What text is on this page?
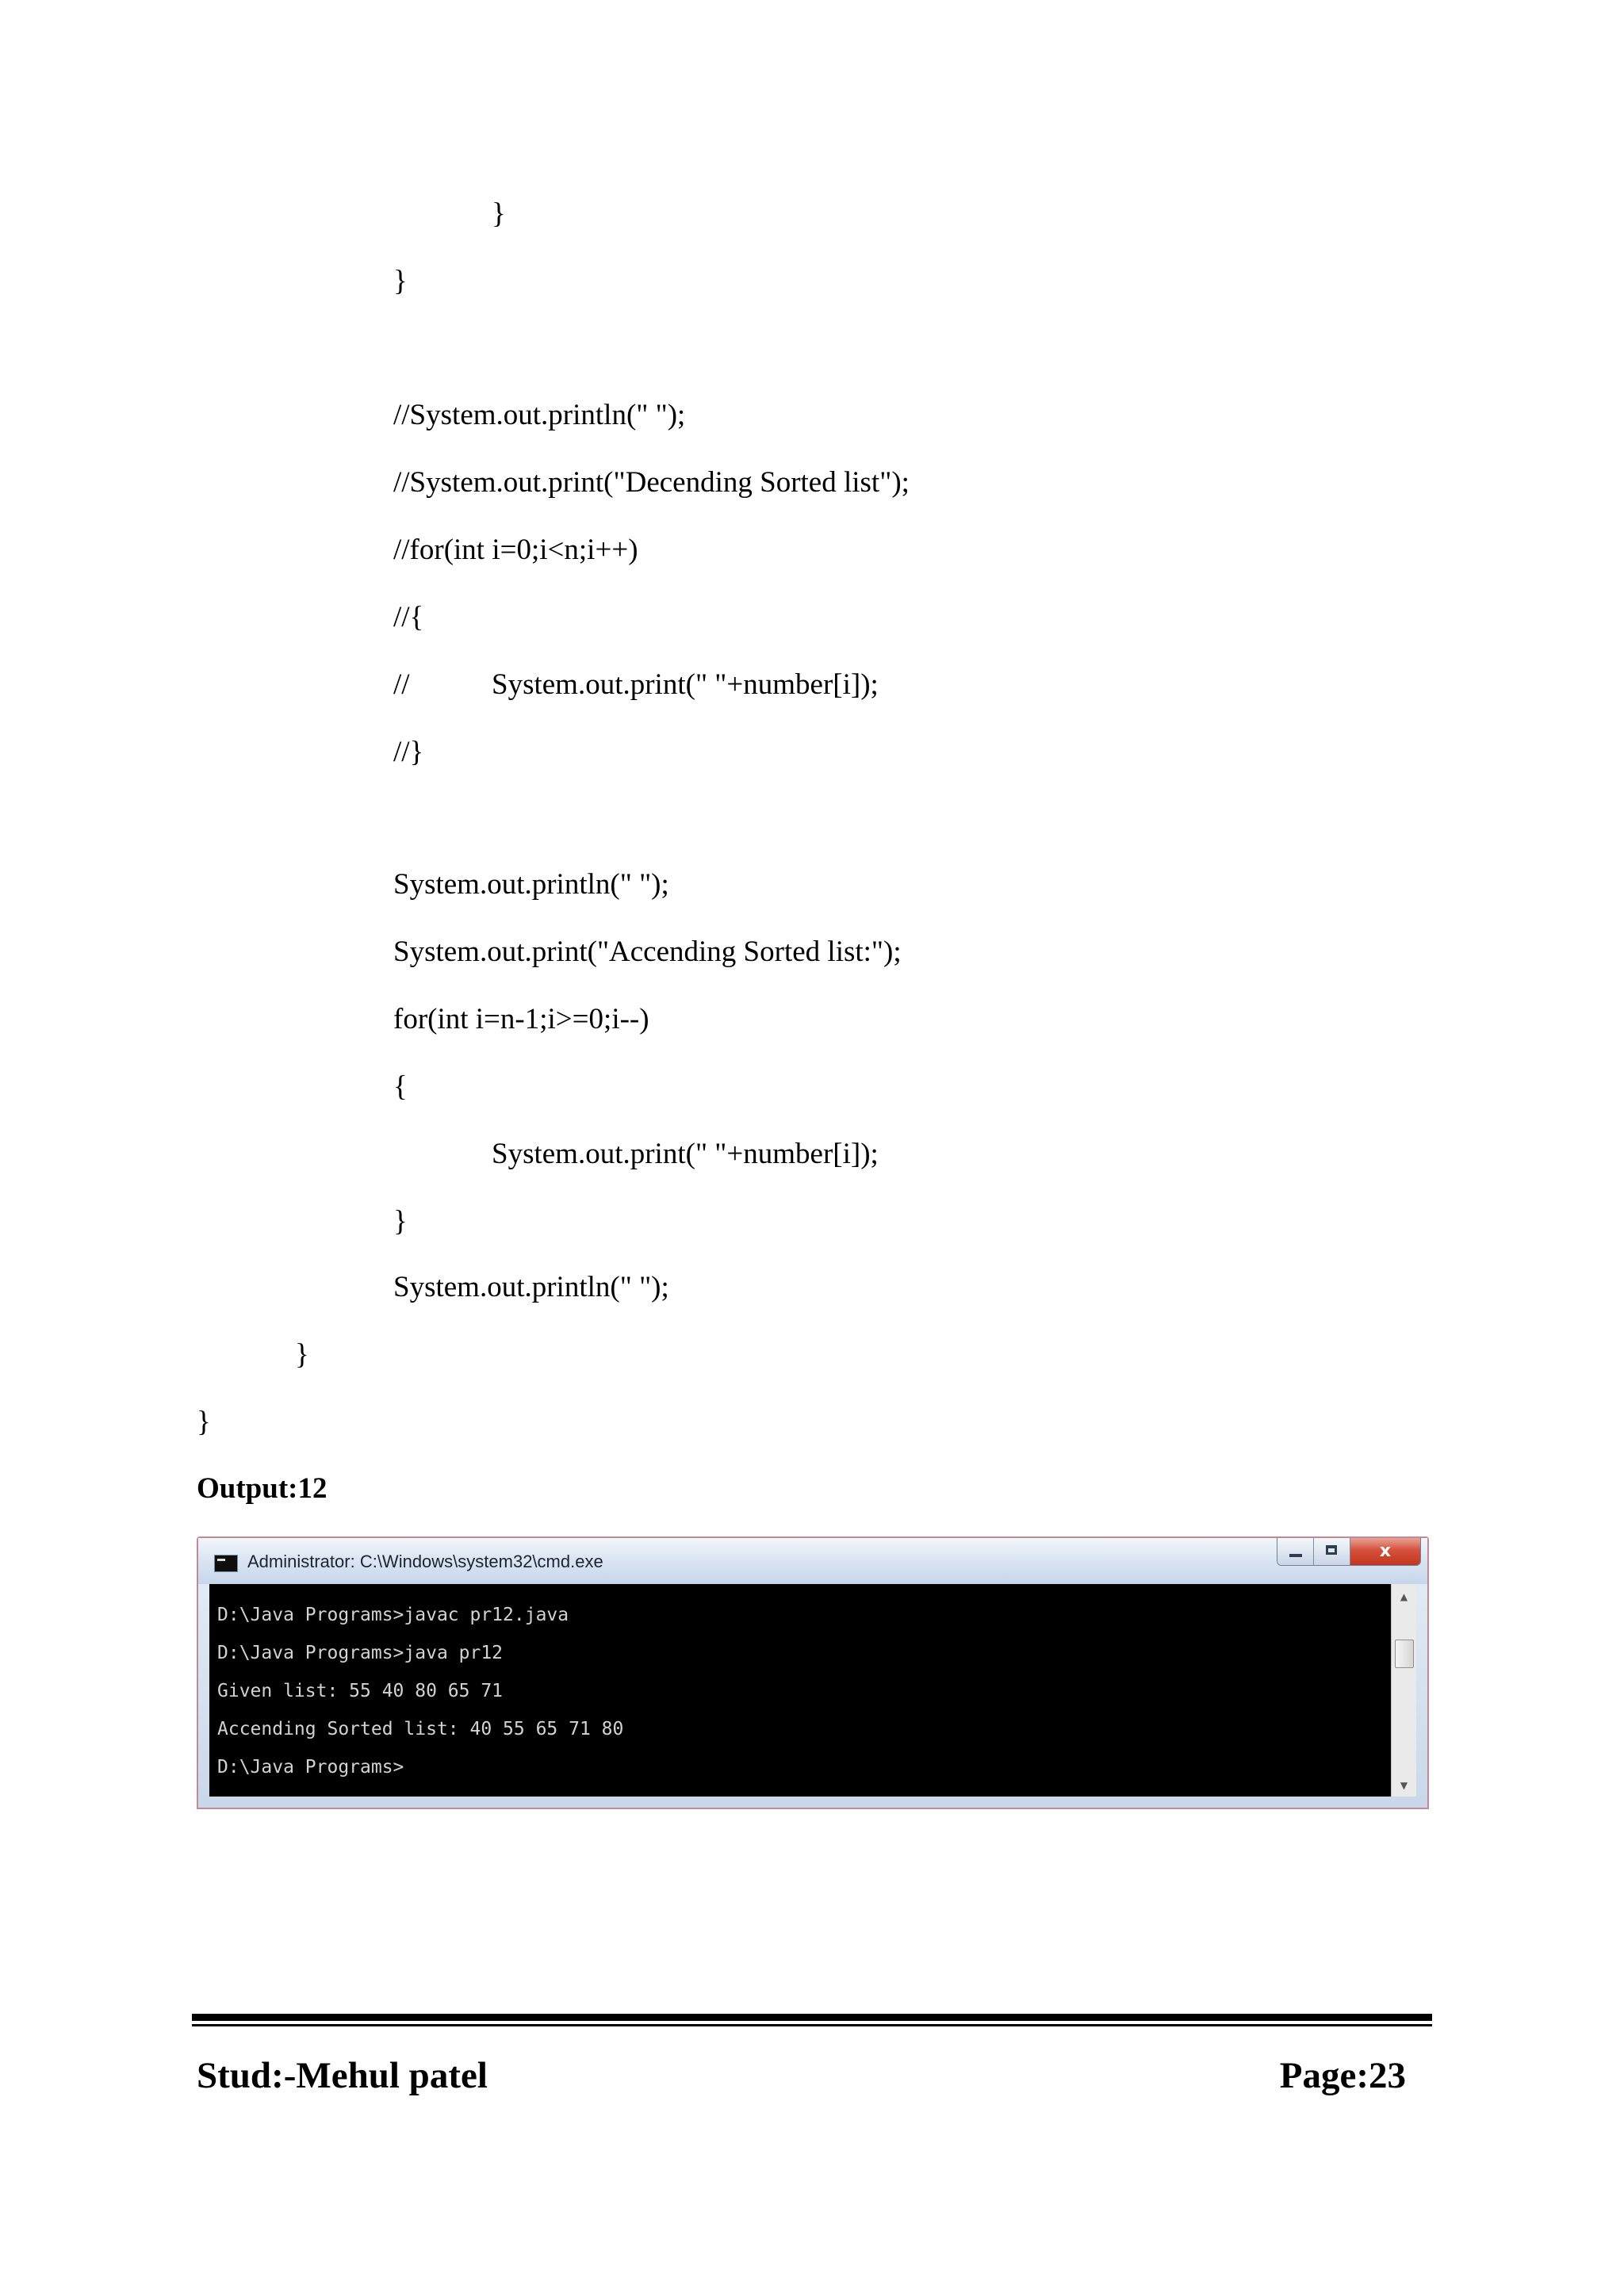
}
}
//System.out.println(" ");
//System.out.print("Decending Sorted list");
//for(int i=0;i<n;i++)
//{
//	System.out.print(" "+number[i]);
//}
System.out.println(" ");
System.out.print("Accending Sorted list:");
for(int i=n-1;i>=0;i--)
{
System.out.print(" "+number[i]);
}
System.out.println(" ");
}
}
Output:12
Administrator: C:\Windows\system32\cmd.exe
x
D:\Java Programs>javac pr12.java
D:\Java Programs>java pr12
Given list: 55 40 80 65 71
Accending Sorted list: 40 55 65 71 80
D:\Java Programs>
▲
▼
Stud:-Mehul patel	Page:23
